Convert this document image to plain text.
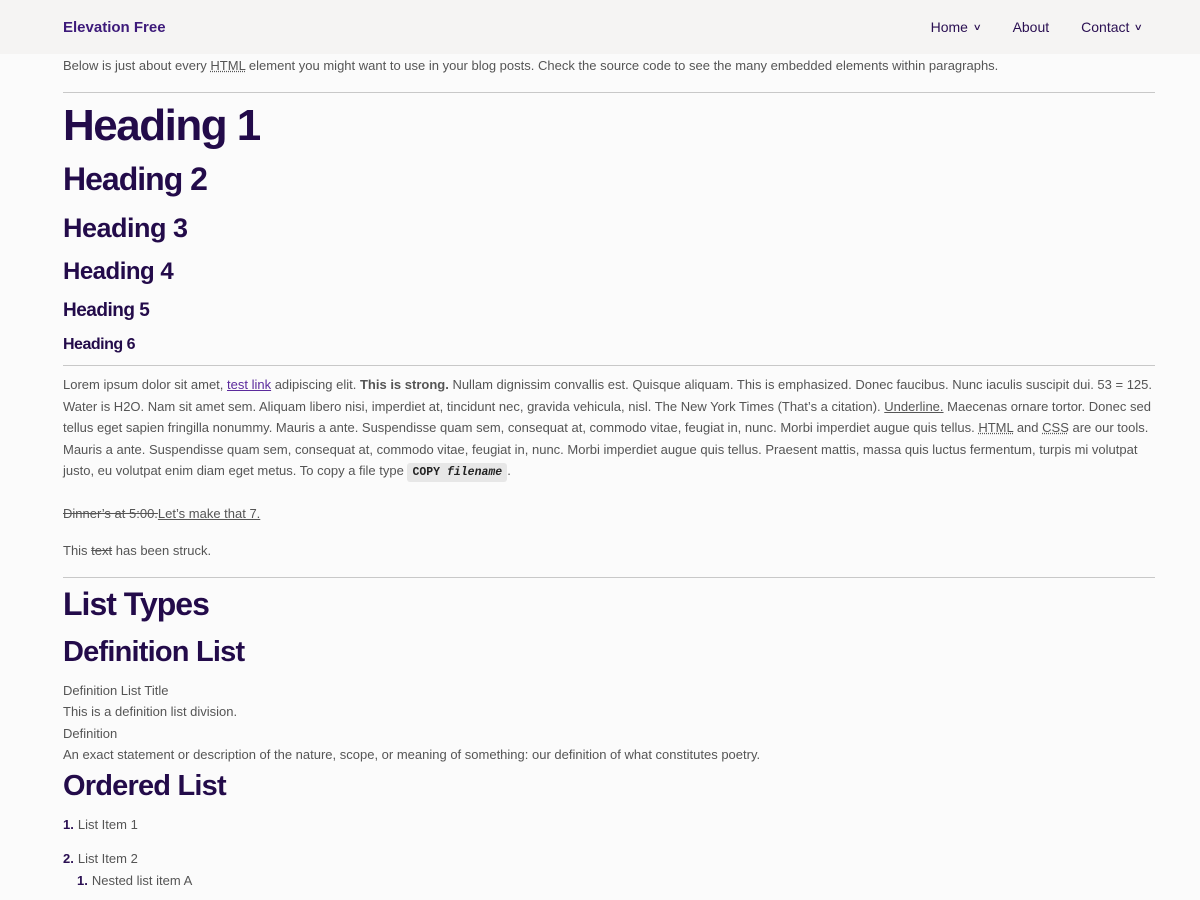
Elevation Free	Home ∨ About Contact ∨

Below is just about every HTML element you might want to use in your blog posts. Check the source code to see the many embedded elements within paragraphs.

Heading 1
Heading 2
Heading 3
Heading 4
Heading 5
Heading 6

Lorem ipsum dolor sit amet, test link adipiscing elit. This is strong. Nullam dignissim convallis est. Quisque aliquam. This is emphasized. Donec faucibus. Nunc iaculis suscipit dui. 53 = 125. Water is H2O. Nam sit amet sem. Aliquam libero nisi, imperdiet at, tincidunt nec, gravida vehicula, nisl. The New York Times (That’s a citation). Underline. Maecenas ornare tortor. Donec sed tellus eget sapien fringilla nonummy. Mauris a ante. Suspendisse quam sem, consequat at, commodo vitae, feugiat in, nunc. Morbi imperdiet augue quis tellus. HTML and CSS are our tools. Mauris a ante. Suspendisse quam sem, consequat at, commodo vitae, feugiat in, nunc. Morbi imperdiet augue quis tellus. Praesent mattis, massa quis luctus fermentum, turpis mi volutpat justo, eu volutpat enim diam eget metus. To copy a file type COPY filename .

Dinner’s at 5:00.Let’s make that 7.

This text has been struck.

List Types
Definition List
Definition List Title
This is a definition list division.
Definition
An exact statement or description of the nature, scope, or meaning of something: our definition of what constitutes poetry.
Ordered List
1. List Item 1
2. List Item 2
1. Nested list item A
